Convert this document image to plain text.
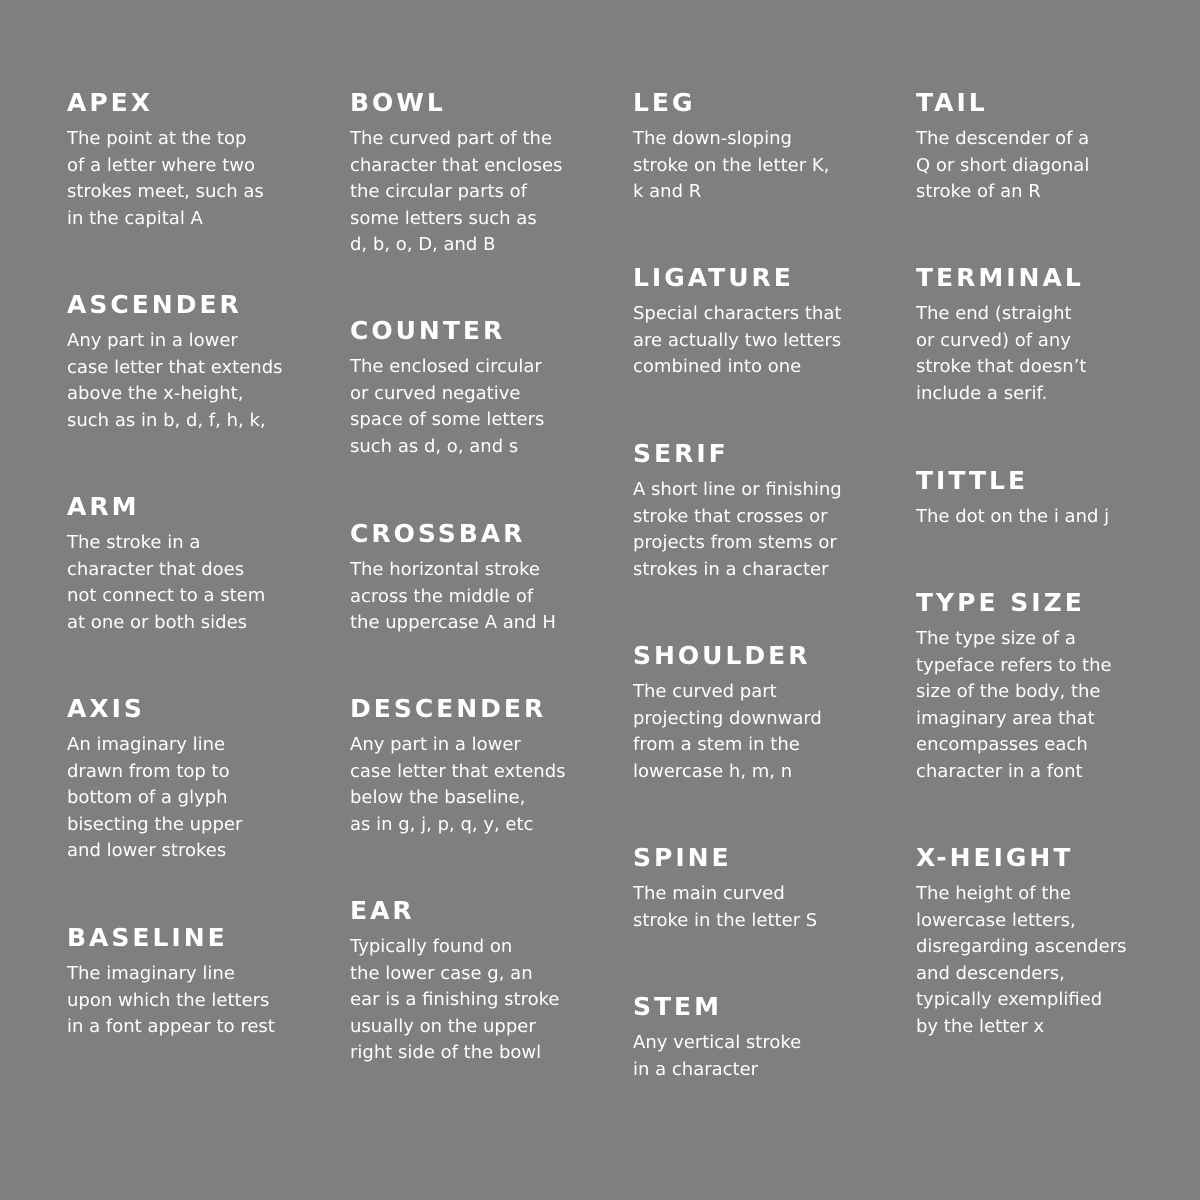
APEX

The point at the top
of a letter where two
strokes meet, such as
in the capital A

ASCENDER

Any part in a lower
case letter that extends
above the x-height,
such as in b, d, f, h, k,

ARM

The stroke in a
character that does
not connect to a stem
at one or both sides

AXIS

An imaginary line
drawn from top to
bottom of a glyph
bisecting the upper
and lower strokes

BASELINE

The imaginary line
upon which the letters
in a font appear to rest

BOWL

The curved part of the
character that encloses
the circular parts of
some letters such as
d, b, o, D, and B

COUNTER

The enclosed circular
or curved negative
space of some letters
such as d, o, and s

CROSSBAR

The horizontal stroke
across the middle of
the uppercase A and H

DESCENDER

Any part in a lower
case letter that extends
below the baseline,
as in g, j, p, q, y, etc

EAR

Typically found on
the lower case g, an
ear is a finishing stroke
usually on the upper
right side of the bowl

LEG

The down-sloping
stroke on the letter K,
k and R

LIGATURE

Special characters that
are actually two letters
combined into one

SERIF

A short line or finishing
stroke that crosses or
projects from stems or
strokes in a character

SHOULDER

The curved part
projecting downward
from a stem in the
lowercase h, m, n

SPINE

The main curved
stroke in the letter S

STEM

Any vertical stroke
in a character

TAIL

The descender of a
Q or short diagonal
stroke of an R

TERMINAL

The end (straight
or curved) of any
stroke that doesn’t
include a serif.

TITTLE

The dot on the i and j

TYPE SIZE

The type size of a
typeface refers to the
size of the body, the
imaginary area that
encompasses each
character in a font

X-HEIGHT

The height of the
lowercase letters,
disregarding ascenders
and descenders,
typically exemplified
by the letter x
